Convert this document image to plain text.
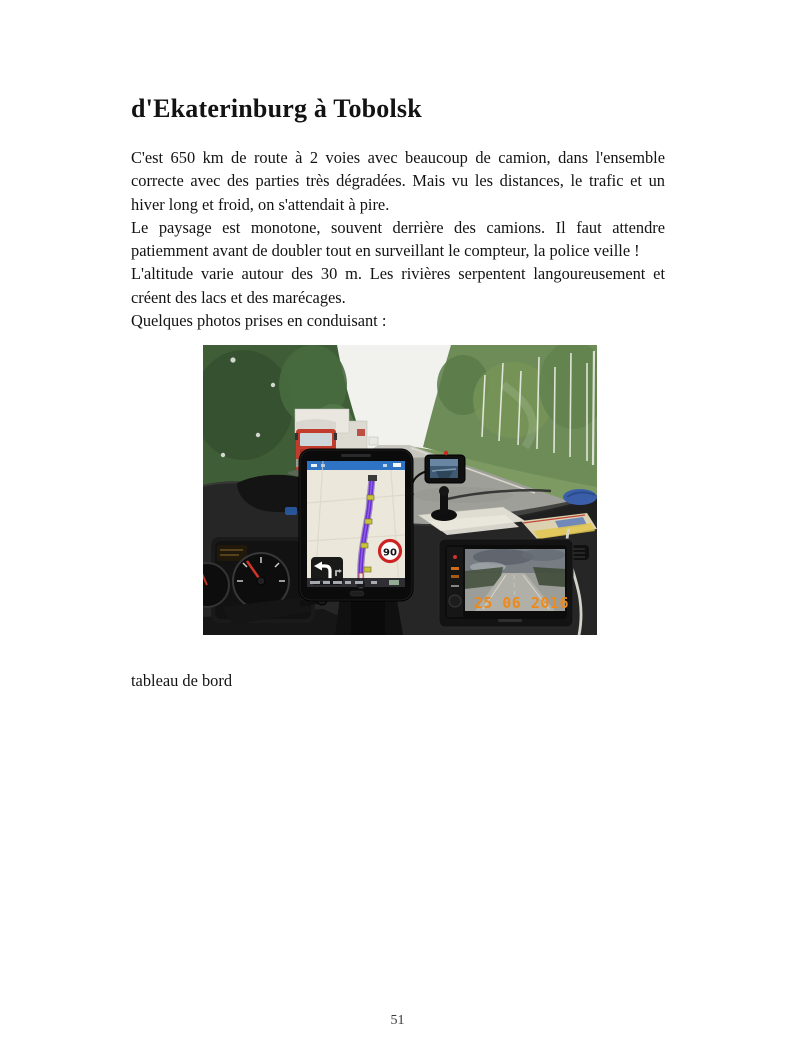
d'Ekaterinburg à Tobolsk

C'est 650 km de route à 2 voies avec beaucoup de camion, dans l'ensemble correcte avec des parties très dégradées. Mais vu les distances, le trafic et un hiver long et froid, on s'attendait à pire.

Le paysage est monotone, souvent derrière des camions. Il faut attendre patiemment avant de doubler tout en surveillant le compteur, la police veille !

L'altitude varie autour des 30 m. Les rivières serpentent langoureusement et créent des lacs et des marécages.

Quelques photos prises en conduisant :

25 06 2016
90

tableau de bord

51
